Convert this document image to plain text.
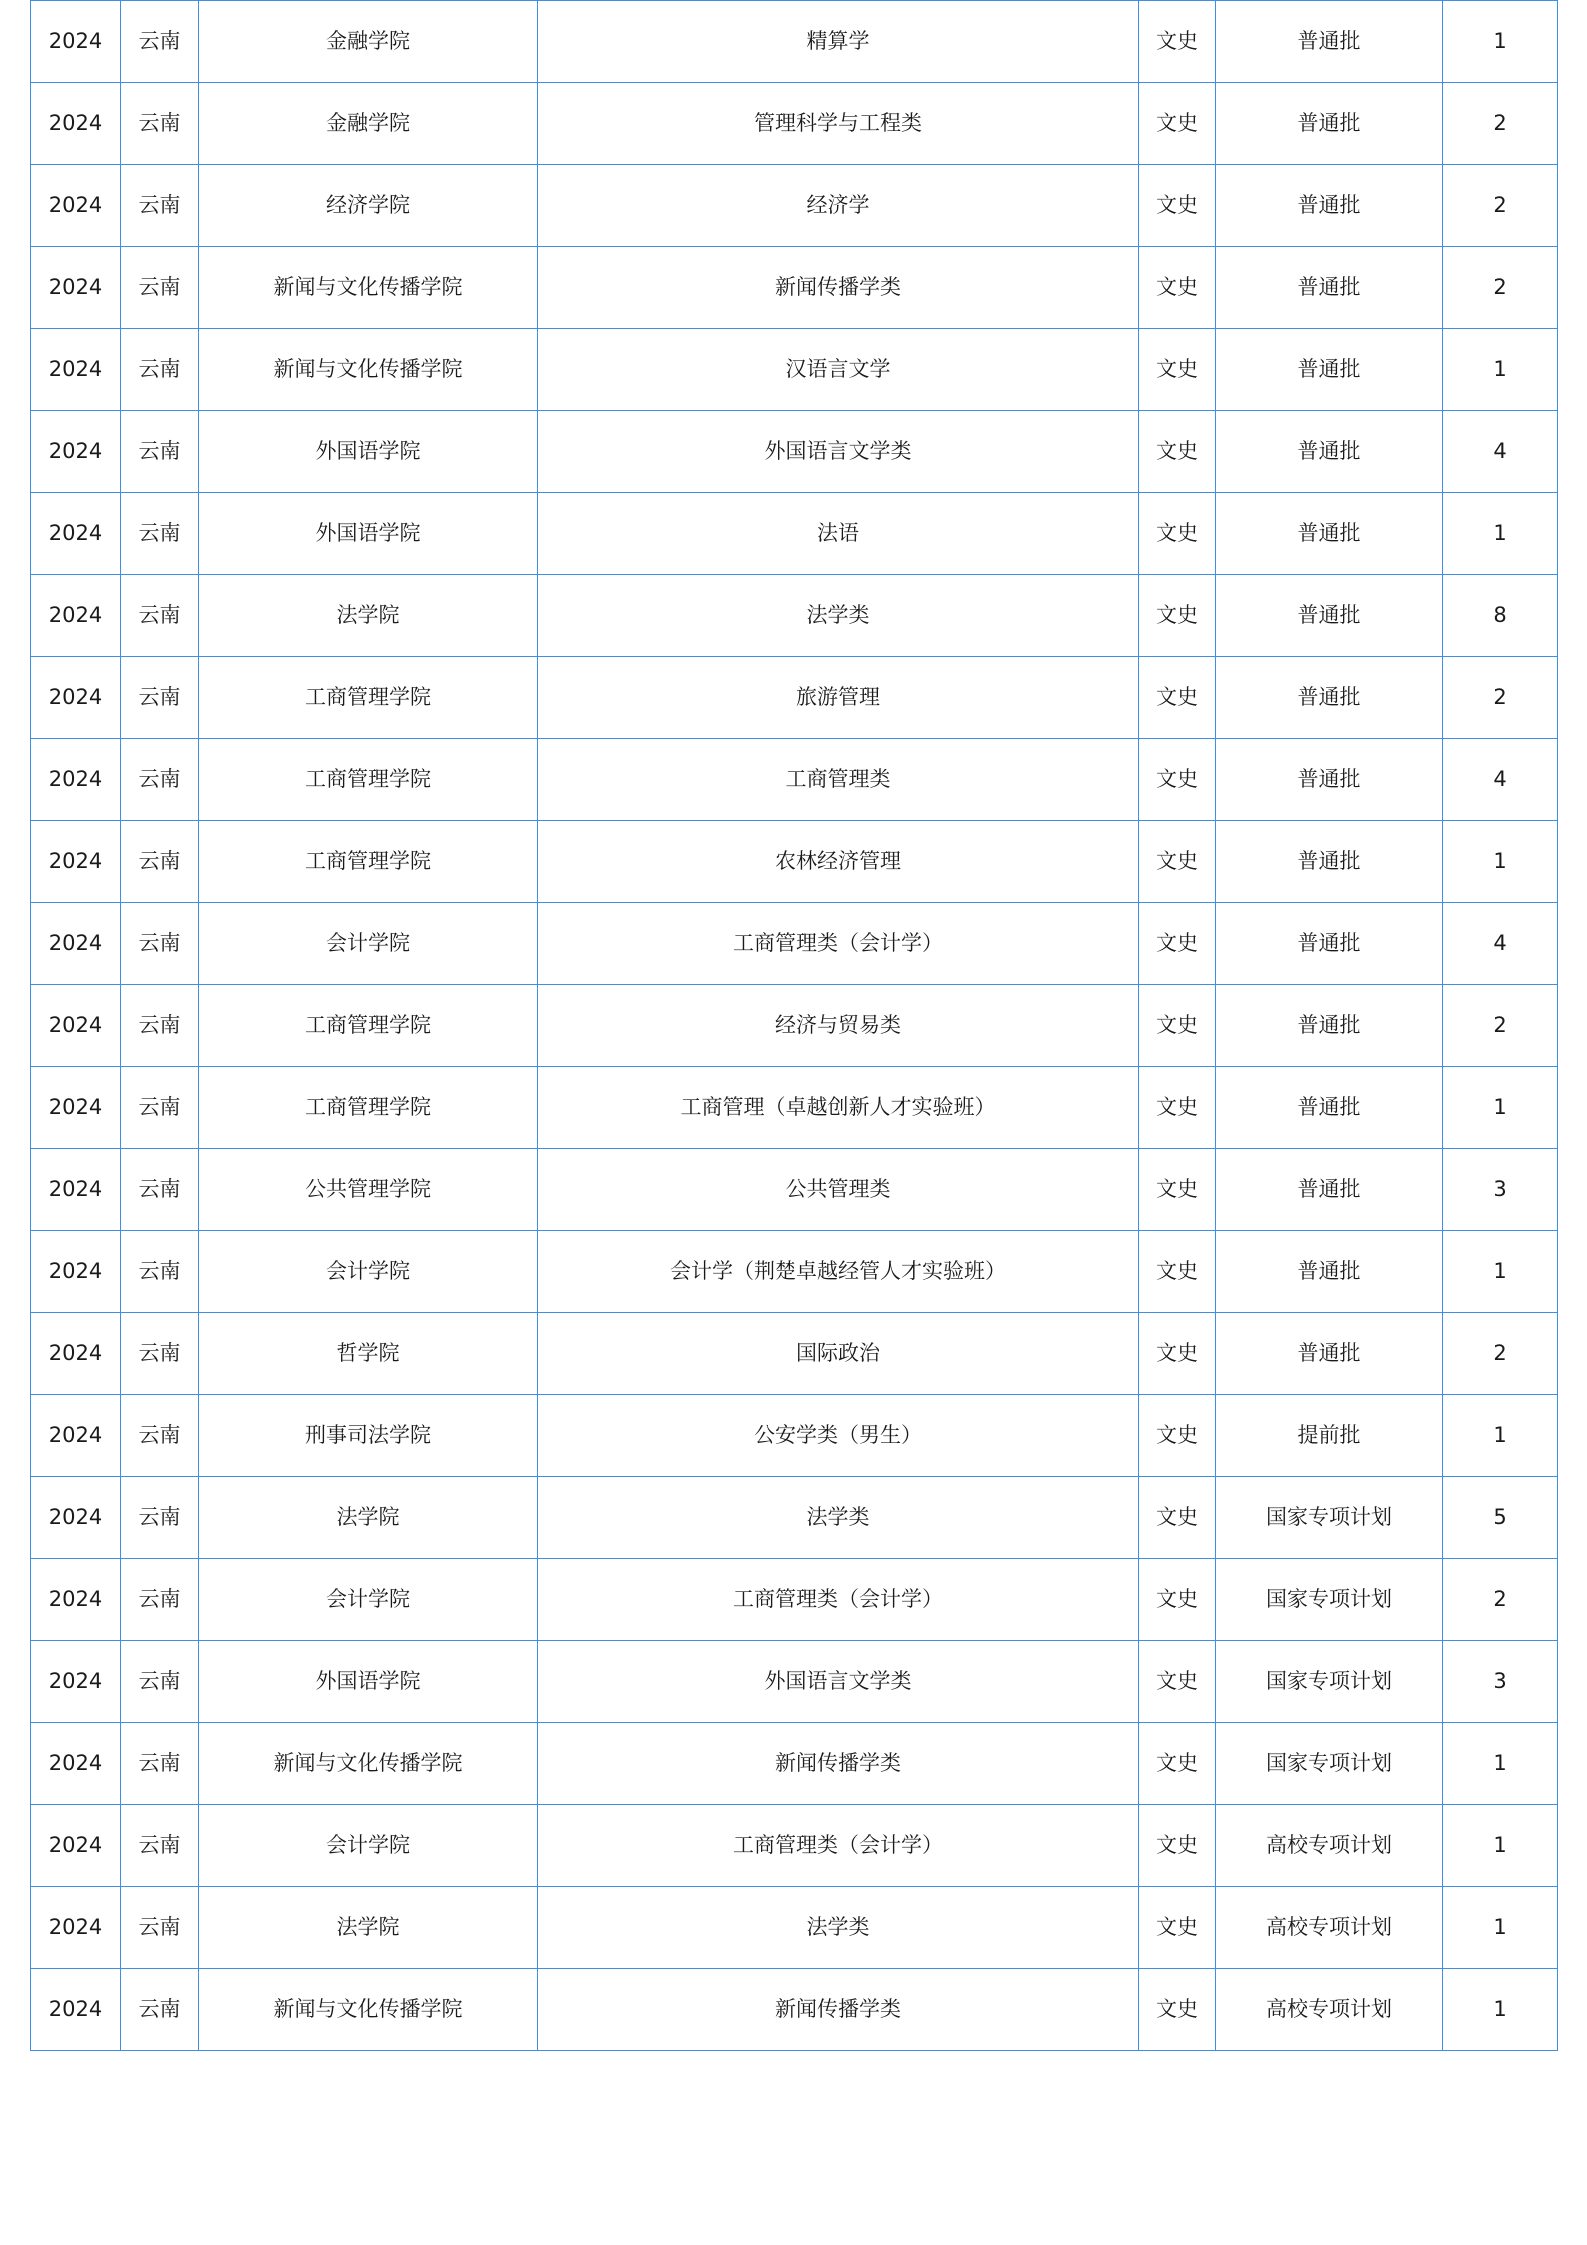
2024	云南	金融学院	精算学	文史	普通批	1
2024	云南	金融学院	管理科学与工程类	文史	普通批	2
2024	云南	经济学院	经济学	文史	普通批	2
2024	云南	新闻与文化传播学院	新闻传播学类	文史	普通批	2
2024	云南	新闻与文化传播学院	汉语言文学	文史	普通批	1
2024	云南	外国语学院	外国语言文学类	文史	普通批	4
2024	云南	外国语学院	法语	文史	普通批	1
2024	云南	法学院	法学类	文史	普通批	8
2024	云南	工商管理学院	旅游管理	文史	普通批	2
2024	云南	工商管理学院	工商管理类	文史	普通批	4
2024	云南	工商管理学院	农林经济管理	文史	普通批	1
2024	云南	会计学院	工商管理类（会计学）	文史	普通批	4
2024	云南	工商管理学院	经济与贸易类	文史	普通批	2
2024	云南	工商管理学院	工商管理（卓越创新人才实验班）	文史	普通批	1
2024	云南	公共管理学院	公共管理类	文史	普通批	3
2024	云南	会计学院	会计学（荆楚卓越经管人才实验班）	文史	普通批	1
2024	云南	哲学院	国际政治	文史	普通批	2
2024	云南	刑事司法学院	公安学类（男生）	文史	提前批	1
2024	云南	法学院	法学类	文史	国家专项计划	5
2024	云南	会计学院	工商管理类（会计学）	文史	国家专项计划	2
2024	云南	外国语学院	外国语言文学类	文史	国家专项计划	3
2024	云南	新闻与文化传播学院	新闻传播学类	文史	国家专项计划	1
2024	云南	会计学院	工商管理类（会计学）	文史	高校专项计划	1
2024	云南	法学院	法学类	文史	高校专项计划	1
2024	云南	新闻与文化传播学院	新闻传播学类	文史	高校专项计划	1
